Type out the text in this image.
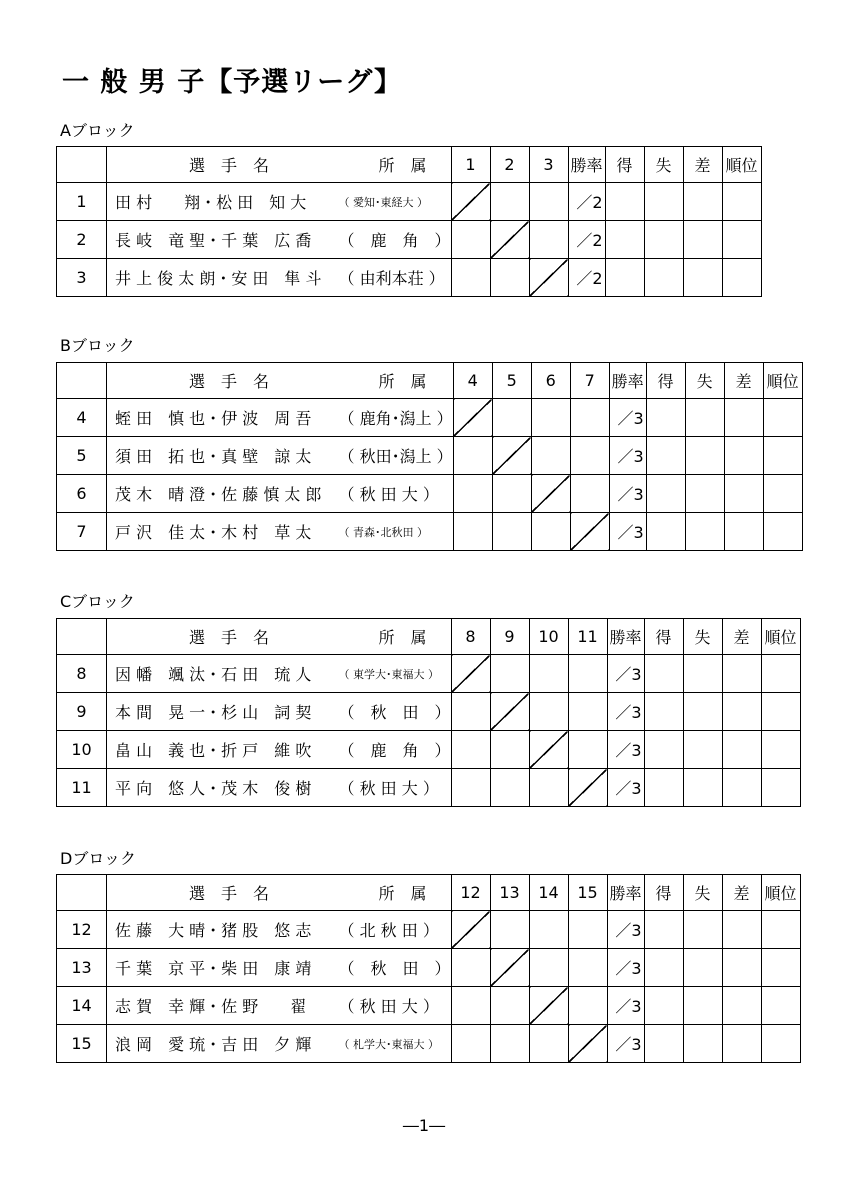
一 般 男 子【予選リーグ】
Aブロック
	選　手　名	所　属	1	2	3	勝率	得	失	差	順位
1	田 村　　翔・松 田　知 大	（ 愛知･東経大 ）				／2				
2	長 岐　竜 聖・千 葉　広 喬	（　鹿　角　）				／2				
3	井 上 俊 太 朗・安 田　隼 斗	（ 由利本荘 ）				／2				
Bブロック
	選　手　名	所　属	4	5	6	7	勝率	得	失	差	順位
4	蛭 田　慎 也・伊 波　周 吾	（ 鹿角･潟上 ）					／3				
5	須 田　拓 也・真 壁　諒 太	（ 秋田･潟上 ）					／3				
6	茂 木　晴 澄・佐 藤 慎 太 郎	（ 秋 田 大 ）					／3				
7	戸 沢　佳 太・木 村　草 太	（ 青森･北秋田 ）					／3				
Cブロック
	選　手　名	所　属	8	9	10	11	勝率	得	失	差	順位
8	因 幡　颯 汰・石 田　琉 人	（ 東学大･東福大 ）					／3				
9	本 間　晃 一・杉 山　詞 契	（　秋　田　）					／3				
10	畠 山　義 也・折 戸　維 吹	（　鹿　角　）					／3				
11	平 向　悠 人・茂 木　俊 樹	（ 秋 田 大 ）					／3				
Dブロック
	選　手　名	所　属	12	13	14	15	勝率	得	失	差	順位
12	佐 藤　大 晴・猪 股　悠 志	（ 北 秋 田 ）					／3				
13	千 葉　京 平・柴 田　康 靖	（　秋　田　）					／3				
14	志 賀　幸 輝・佐 野　　翟	（ 秋 田 大 ）					／3				
15	浪 岡　愛 琉・吉 田　夕 輝	（ 札学大･東福大 ）					／3				
―1―
